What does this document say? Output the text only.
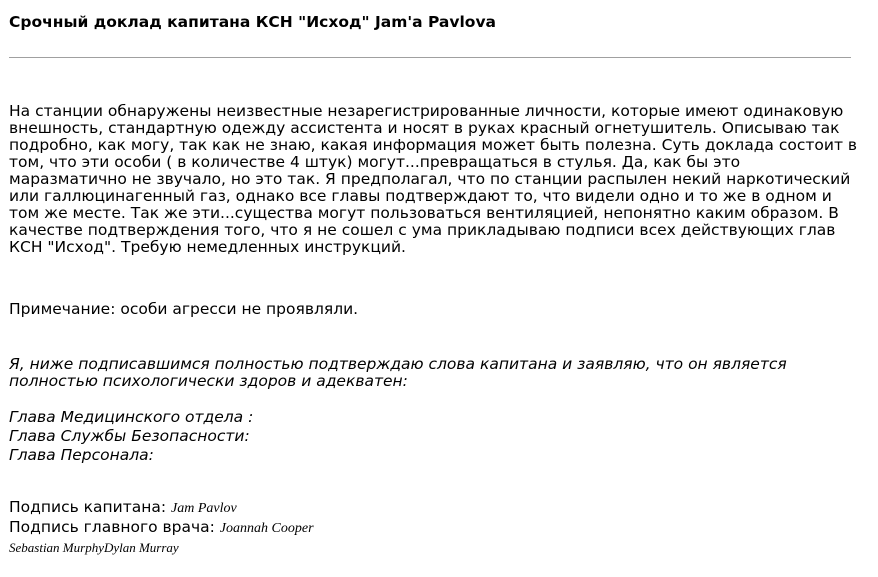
Срочный доклад капитана КСН "Исход" Jam'a Pavlova

На станции обнаружены неизвестные незарегистрированные личности, которые имеют одинаковую внешность, стандартную одежду ассистента и носят в руках красный огнетушитель. Описываю так подробно, как могу, так как не знаю, какая информация может быть полезна. Суть доклада состоит в том, что эти особи ( в количестве 4 штук) могут...превращаться в стулья. Да, как бы это маразматично не звучало, но это так. Я предполагал, что по станции распылен некий наркотический или галлюцинагенный газ, однако все главы подтверждают то, что видели одно и то же в одном и том же месте. Так же эти...существа могут пользоваться вентиляцией, непонятно каким образом. В качестве подтверждения того, что я не сошел с ума прикладываю подписи всех действующих глав КСН "Исход". Требую немедленных инструкций.

Примечание: особи агресси не проявляли.

Я, ниже подписавшимся полностью подтверждаю слова капитана и заявляю, что он является полностью психологически здоров и адекватен:

Глава Медицинского отдела :
Глава Службы Безопасности:
Глава Персонала:
Подпись капитана: Jam Pavlov
Подпись главного врача: Joannah Cooper
Sebastian MurphyDylan Murray
